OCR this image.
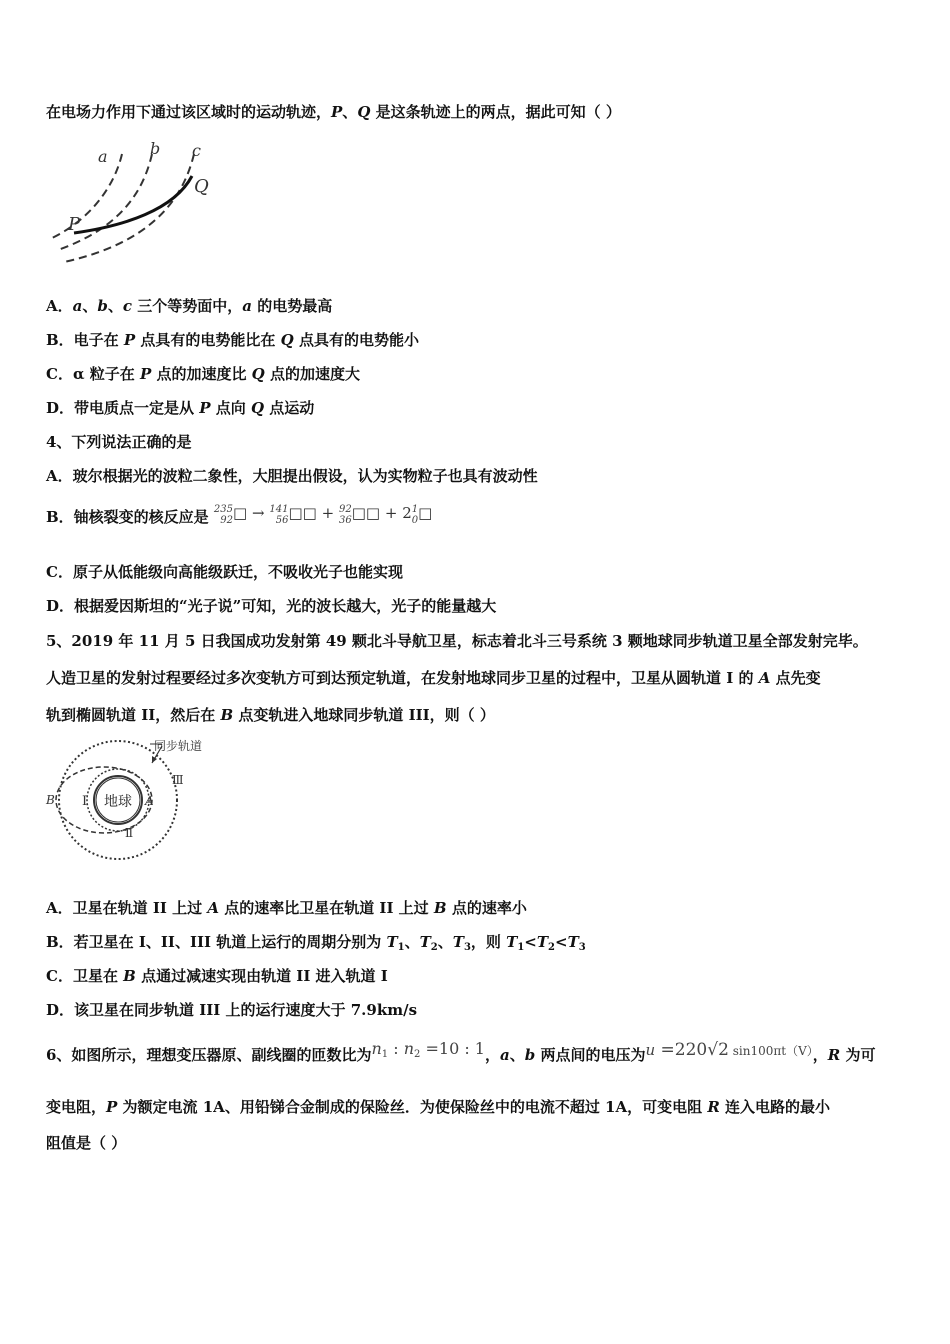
在电场力作用下通过该区域时的运动轨迹，P、Q 是这条轨迹上的两点，据此可知（ ）
a	b c
Q
P
A．a、b、c 三个等势面中，a 的电势最高
B．电子在 P 点具有的电势能比在 Q 点具有的电势能小
C．α 粒子在 P 点的加速度比 Q 点的加速度大
D．带电质点一定是从 P 点向 Q 点运动
4、下列说法正确的是
A．玻尔根据光的波粒二象性，大胆提出假设，认为实物粒子也具有波动性
B．铀核裂变的核反应是 235
92□ → 141
56□□ + 92
36□□ + 21
0□
C．原子从低能级向高能级跃迁，不吸收光子也能实现
D．根据爱因斯坦的“光子说”可知，光的波长越大，光子的能量越大
5、2019 年 11 月 5 日我国成功发射第 49 颗北斗导航卫星，标志着北斗三号系统 3 颗地球同步轨道卫星全部发射完毕。
人造卫星的发射过程要经过多次变轨方可到达预定轨道，在发射地球同步卫星的过程中，卫星从圆轨道 I 的 A 点先变
轨到椭圆轨道 II，然后在 B 点变轨进入地球同步轨道 III，则（ ）
地球
B	A
I
Ⅱ
Ⅲ
同步轨道
A．卫星在轨道 II 上过 A 点的速率比卫星在轨道 II 上过 B 点的速率小
B．若卫星在 I、II、III 轨道上运行的周期分别为 $T_1$、$T_2$、$T_3$，则 $T_1<T_2<T_3$
C．卫星在 B 点通过减速实现由轨道 II 进入轨道 I
D．该卫星在同步轨道 III 上的运行速度大于 7.9km/s
6、如图所示，理想变压器原、副线圈的匝数比为$n_1$ : $n_2 =10$ : 1，a、b 两点间的电压为u =220√2 sin100πt（V），R 为可
变电阻，P 为额定电流 1A、用铅锑合金制成的保险丝．为使保险丝中的电流不超过 1A，可变电阻 R 连入电路的最小
阻值是（ ）
